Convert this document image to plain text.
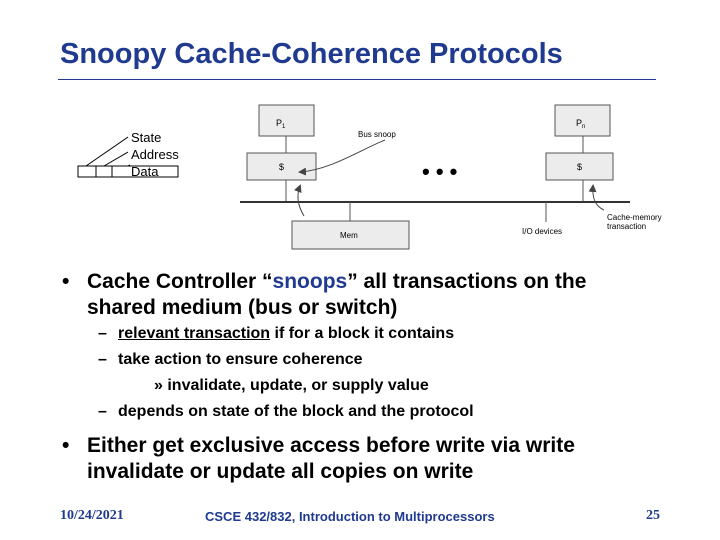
Snoopy Cache-Coherence Protocols
State
Address
Data
$P_1$
$
$P_n$
$
• • •
Bus snoop
Mem	I/O devices
Cache-memory
transaction
• Cache Controller “snoops” all transactions on the shared medium (bus or switch)
– relevant transaction if for a block it contains
– take action to ensure coherence
» invalidate, update, or supply value
– depends on state of the block and the protocol
• Either get exclusive access before write via write invalidate or update all copies on write
10/24/2021	CSCE 432/832, Introduction to Multiprocessors	25
